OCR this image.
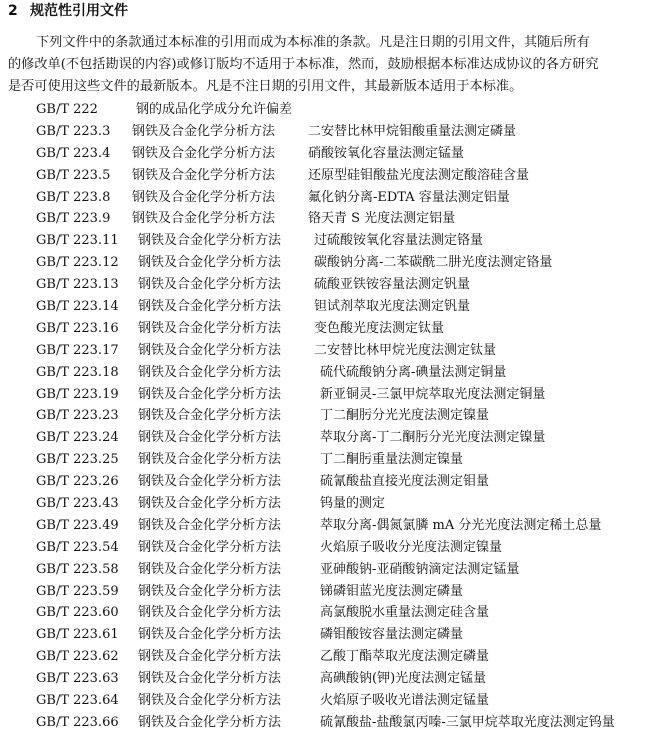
2 规范性引用文件
下列文件中的条款通过本标准的引用而成为本标准的条款。凡是注日期的引用文件，其随后所有
的修改单(不包括勘误的内容)或修订版均不适用于本标准，然而，鼓励根据本标准达成协议的各方研究
是否可使用这些文件的最新版本。凡是不注日期的引用文件，其最新版本适用于本标准。
GB/T 222	钢的成品化学成分允许偏差
GB/T 223.3 钢铁及合金化学分析方法	二安替比林甲烷钼酸重量法测定磷量
GB/T 223.4 钢铁及合金化学分析方法	硝酸铵氧化容量法测定锰量
GB/T 223.5 钢铁及合金化学分析方法	还原型硅钼酸盐光度法测定酸溶硅含量
GB/T 223.8 钢铁及合金化学分析方法	氟化钠分离-EDTA 容量法测定铝量
GB/T 223.9 钢铁及合金化学分析方法	铬天青 S 光度法测定铝量
GB/T 223.11 钢铁及合金化学分析方法	过硫酸铵氧化容量法测定铬量
GB/T 223.12 钢铁及合金化学分析方法	碳酸钠分离-二苯碳酰二肼光度法测定铬量
GB/T 223.13 钢铁及合金化学分析方法	硫酸亚铁铵容量法测定钒量
GB/T 223.14 钢铁及合金化学分析方法	钽试剂萃取光度法测定钒量
GB/T 223.16 钢铁及合金化学分析方法	变色酸光度法测定钛量
GB/T 223.17 钢铁及合金化学分析方法	二安替比林甲烷光度法测定钛量
GB/T 223.18 钢铁及合金化学分析方法	硫代硫酸钠分离-碘量法测定铜量
GB/T 223.19 钢铁及合金化学分析方法	新亚铜灵-三氯甲烷萃取光度法测定铜量
GB/T 223.23 钢铁及合金化学分析方法	丁二酮肟分光光度法测定镍量
GB/T 223.24 钢铁及合金化学分析方法	萃取分离-丁二酮肟分光光度法测定镍量
GB/T 223.25 钢铁及合金化学分析方法	丁二酮肟重量法测定镍量
GB/T 223.26 钢铁及合金化学分析方法	硫氰酸盐直接光度法测定钼量
GB/T 223.43 钢铁及合金化学分析方法	钨量的测定
GB/T 223.49 钢铁及合金化学分析方法	萃取分离-偶氮氯膦 mA 分光光度法测定稀土总量
GB/T 223.54 钢铁及合金化学分析方法	火焰原子吸收分光度法测定镍量
GB/T 223.58 钢铁及合金化学分析方法	亚砷酸钠-亚硝酸钠滴定法测定锰量
GB/T 223.59 钢铁及合金化学分析方法	锑磷钼蓝光度法测定磷量
GB/T 223.60 钢铁及合金化学分析方法	高氯酸脱水重量法测定硅含量
GB/T 223.61 钢铁及合金化学分析方法	磷钼酸铵容量法测定磷量
GB/T 223.62 钢铁及合金化学分析方法	乙酸丁酯萃取光度法测定磷量
GB/T 223.63 钢铁及合金化学分析方法	高碘酸钠(钾)光度法测定锰量
GB/T 223.64 钢铁及合金化学分析方法	火焰原子吸收光谱法测定锰量
GB/T 223.66 钢铁及合金化学分析方法	硫氰酸盐-盐酸氯丙嗪-三氯甲烷萃取光度法测定钨量
